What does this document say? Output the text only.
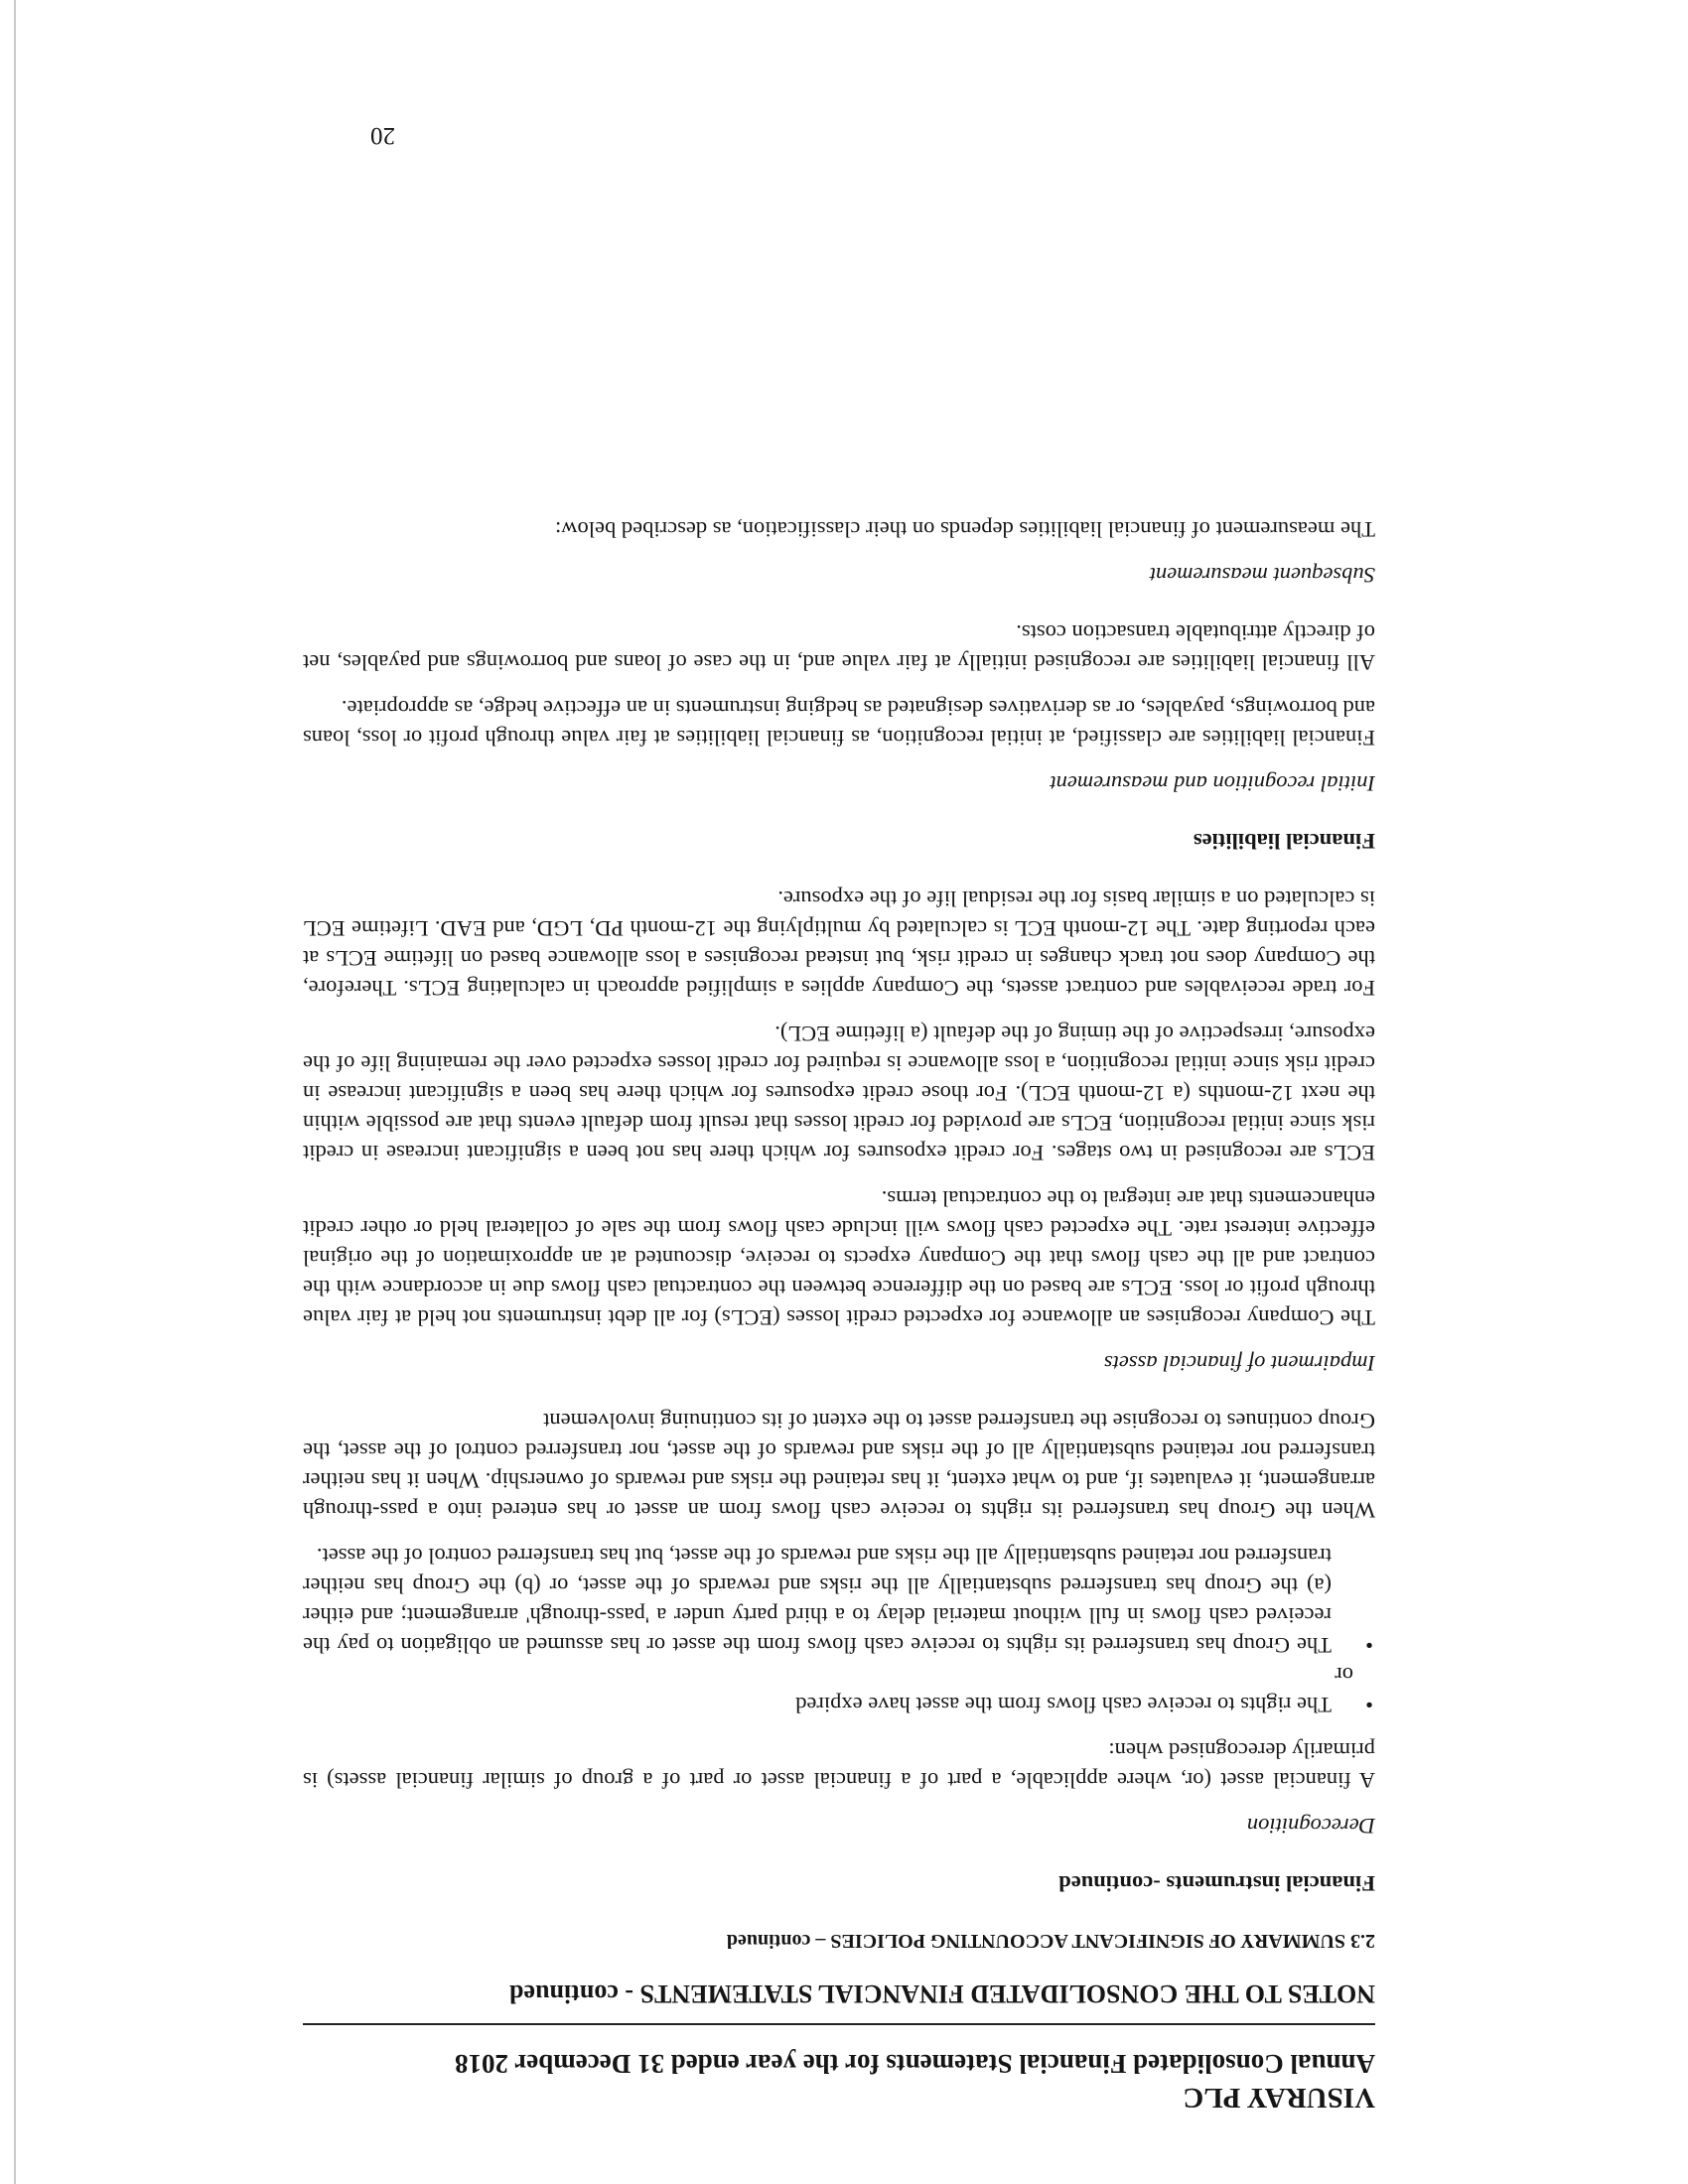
VISURAY PLC
Annual Consolidated Financial Statements for the year ended 31 December 2018
NOTES TO THE CONSOLIDATED FINANCIAL STATEMENTS - continued
2.3 SUMMARY OF SIGNIFICANT ACCOUNTING POLICIES – continued
Financial instruments -continued
Derecognition

A financial asset (or, where applicable, a part of a financial asset or part of a group of similar financial assets) is primarily derecognised when:

• The rights to receive cash flows from the asset have expired
or
• The Group has transferred its rights to receive cash flows from the asset or has assumed an obligation to pay the received cash flows in full without material delay to a third party under a 'pass-through' arrangement; and either (a) the Group has transferred substantially all the risks and rewards of the asset, or (b) the Group has neither transferred nor retained substantially all the risks and rewards of the asset, but has transferred control of the asset.

When the Group has transferred its rights to receive cash flows from an asset or has entered into a pass-through arrangement, it evaluates if, and to what extent, it has retained the risks and rewards of ownership. When it has neither transferred nor retained substantially all of the risks and rewards of the asset, nor transferred control of the asset, the Group continues to recognise the transferred asset to the extent of its continuing involvement

Impairment of financial assets

The Company recognises an allowance for expected credit losses (ECLs) for all debt instruments not held at fair value through profit or loss. ECLs are based on the difference between the contractual cash flows due in accordance with the contract and all the cash flows that the Company expects to receive, discounted at an approximation of the original effective interest rate. The expected cash flows will include cash flows from the sale of collateral held or other credit enhancements that are integral to the contractual terms.

ECLs are recognised in two stages. For credit exposures for which there has not been a significant increase in credit risk since initial recognition, ECLs are provided for credit losses that result from default events that are possible within the next 12-months (a 12-month ECL). For those credit exposures for which there has been a significant increase in credit risk since initial recognition, a loss allowance is required for credit losses expected over the remaining life of the exposure, irrespective of the timing of the default (a lifetime ECL).

For trade receivables and contract assets, the Company applies a simplified approach in calculating ECLs. Therefore, the Company does not track changes in credit risk, but instead recognises a loss allowance based on lifetime ECLs at each reporting date. The 12-month ECL is calculated by multiplying the 12-month PD, LGD, and EAD. Lifetime ECL is calculated on a similar basis for the residual life of the exposure.

Financial liabilities
Initial recognition and measurement

Financial liabilities are classified, at initial recognition, as financial liabilities at fair value through profit or loss, loans and borrowings, payables, or as derivatives designated as hedging instruments in an effective hedge, as appropriate.

All financial liabilities are recognised initially at fair value and, in the case of loans and borrowings and payables, net of directly attributable transaction costs.

Subsequent measurement

The measurement of financial liabilities depends on their classification, as described below:

20
